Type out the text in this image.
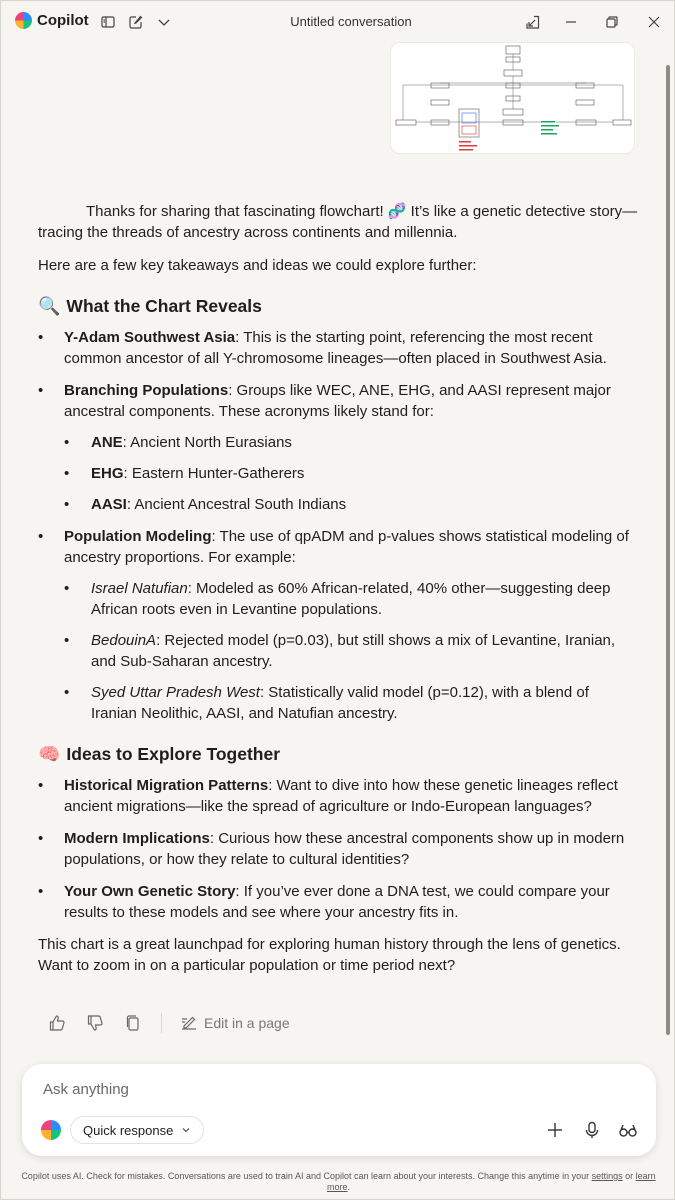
Copilot	Untitled conversation

Thanks for sharing that fascinating flowchart! 🧬 It’s like a genetic detective story—tracing the threads of ancestry across continents and millennia.

Here are a few key takeaways and ideas we could explore further:

🔍 What the Chart Reveals
• Y-Adam Southwest Asia: This is the starting point, referencing the most recent common ancestor of all Y-chromosome lineages—often placed in Southwest Asia.
• Branching Populations: Groups like WEC, ANE, EHG, and AASI represent major ancestral components. These acronyms likely stand for:
• ANE: Ancient North Eurasians
• EHG: Eastern Hunter-Gatherers
• AASI: Ancient Ancestral South Indians
• Population Modeling: The use of qpADM and p-values shows statistical modeling of ancestry proportions. For example:
• Israel Natufian: Modeled as 60% African-related, 40% other—suggesting deep African roots even in Levantine populations.
• BedouinA: Rejected model (p=0.03), but still shows a mix of Levantine, Iranian, and Sub-Saharan ancestry.
• Syed Uttar Pradesh West: Statistically valid model (p=0.12), with a blend of Iranian Neolithic, AASI, and Natufian ancestry.
🧠 Ideas to Explore Together
• Historical Migration Patterns: Want to dive into how these genetic lineages reflect ancient migrations—like the spread of agriculture or Indo-European languages?
• Modern Implications: Curious how these ancestral components show up in modern populations, or how they relate to cultural identities?
• Your Own Genetic Story: If you’ve ever done a DNA test, we could compare your results to these models and see where your ancestry fits in.

This chart is a great launchpad for exploring human history through the lens of genetics. Want to zoom in on a particular population or time period next?

Edit in a page
Ask anything
Quick response
Copilot uses AI. Check for mistakes. Conversations are used to train AI and Copilot can learn about your interests. Change this anytime in your settings or learn more.
